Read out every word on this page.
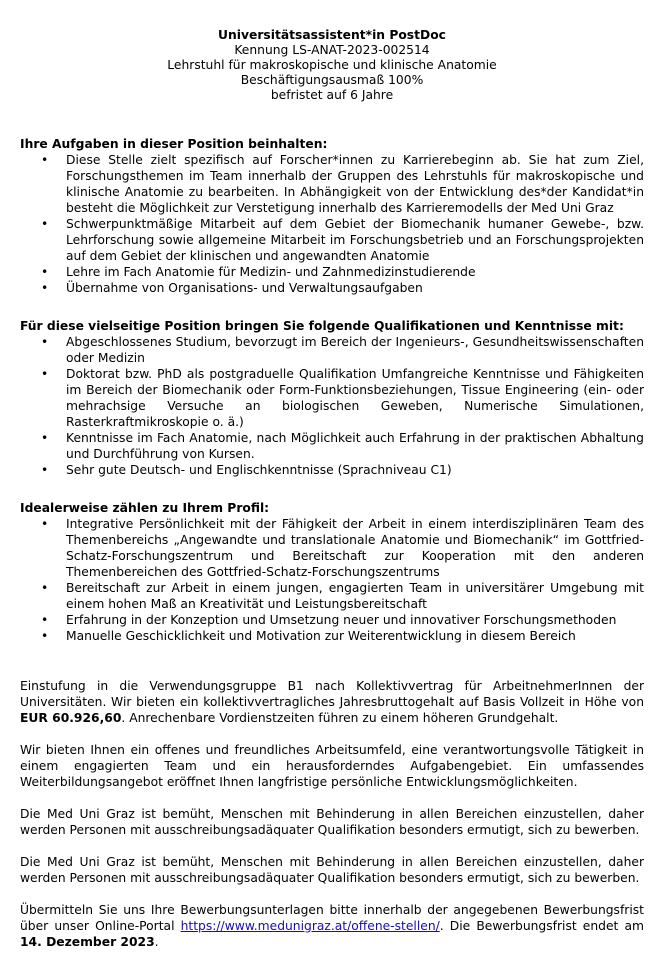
Universitätsassistent*in PostDoc
Kennung LS-ANAT-2023-002514
Lehrstuhl für makroskopische und klinische Anatomie
Beschäftigungsausmaß 100%
befristet auf 6 Jahre
Ihre Aufgaben in dieser Position beinhalten:
• Diese Stelle zielt spezifisch auf Forscher*innen zu Karrierebeginn ab. Sie hat zum Ziel, Forschungsthemen im Team innerhalb der Gruppen des Lehrstuhls für makroskopische und klinische Anatomie zu bearbeiten. In Abhängigkeit von der Entwicklung des*der Kandidat*in besteht die Möglichkeit zur Verstetigung innerhalb des Karrieremodells der Med Uni Graz
• Schwerpunktmäßige Mitarbeit auf dem Gebiet der Biomechanik humaner Gewebe-, bzw. Lehrforschung sowie allgemeine Mitarbeit im Forschungsbetrieb und an Forschungsprojekten auf dem Gebiet der klinischen und angewandten Anatomie
• Lehre im Fach Anatomie für Medizin- und Zahnmedizinstudierende
• Übernahme von Organisations- und Verwaltungsaufgaben
Für diese vielseitige Position bringen Sie folgende Qualifikationen und Kenntnisse mit:
• Abgeschlossenes Studium, bevorzugt im Bereich der Ingenieurs-, Gesundheitswissenschaften oder Medizin
• Doktorat bzw. PhD als postgraduelle Qualifikation Umfangreiche Kenntnisse und Fähigkeiten im Bereich der Biomechanik oder Form-Funktionsbeziehungen, Tissue Engineering (ein- oder mehrachsige Versuche an biologischen Geweben, Numerische Simulationen, Rasterkraftmikroskopie o. ä.)
• Kenntnisse im Fach Anatomie, nach Möglichkeit auch Erfahrung in der praktischen Abhaltung und Durchführung von Kursen.
• Sehr gute Deutsch- und Englischkenntnisse (Sprachniveau C1)
Idealerweise zählen zu Ihrem Profil:
• Integrative Persönlichkeit mit der Fähigkeit der Arbeit in einem interdisziplinären Team des Themenbereichs „Angewandte und translationale Anatomie und Biomechanik“ im Gottfried-Schatz-Forschungszentrum und Bereitschaft zur Kooperation mit den anderen Themenbereichen des Gottfried-Schatz-Forschungszentrums
• Bereitschaft zur Arbeit in einem jungen, engagierten Team in universitärer Umgebung mit einem hohen Maß an Kreativität und Leistungsbereitschaft
• Erfahrung in der Konzeption und Umsetzung neuer und innovativer Forschungsmethoden
• Manuelle Geschicklichkeit und Motivation zur Weiterentwicklung in diesem Bereich

Einstufung in die Verwendungsgruppe B1 nach Kollektivvertrag für ArbeitnehmerInnen der Universitäten. Wir bieten ein kollektivvertragliches Jahresbruttogehalt auf Basis Vollzeit in Höhe von EUR 60.926,60. Anrechenbare Vordienstzeiten führen zu einem höheren Grundgehalt.

Wir bieten Ihnen ein offenes und freundliches Arbeitsumfeld, eine verantwortungsvolle Tätigkeit in einem engagierten Team und ein herausforderndes Aufgabengebiet. Ein umfassendes Weiterbildungsangebot eröffnet Ihnen langfristige persönliche Entwicklungsmöglichkeiten.

Die Med Uni Graz ist bemüht, Menschen mit Behinderung in allen Bereichen einzustellen, daher werden Personen mit ausschreibungsadäquater Qualifikation besonders ermutigt, sich zu bewerben.

Die Med Uni Graz ist bemüht, Menschen mit Behinderung in allen Bereichen einzustellen, daher werden Personen mit ausschreibungsadäquater Qualifikation besonders ermutigt, sich zu bewerben.

Übermitteln Sie uns Ihre Bewerbungsunterlagen bitte innerhalb der angegebenen Bewerbungsfrist über unser Online-Portal https://www.medunigraz.at/offene-stellen/. Die Bewerbungsfrist endet am 14. Dezember 2023.
